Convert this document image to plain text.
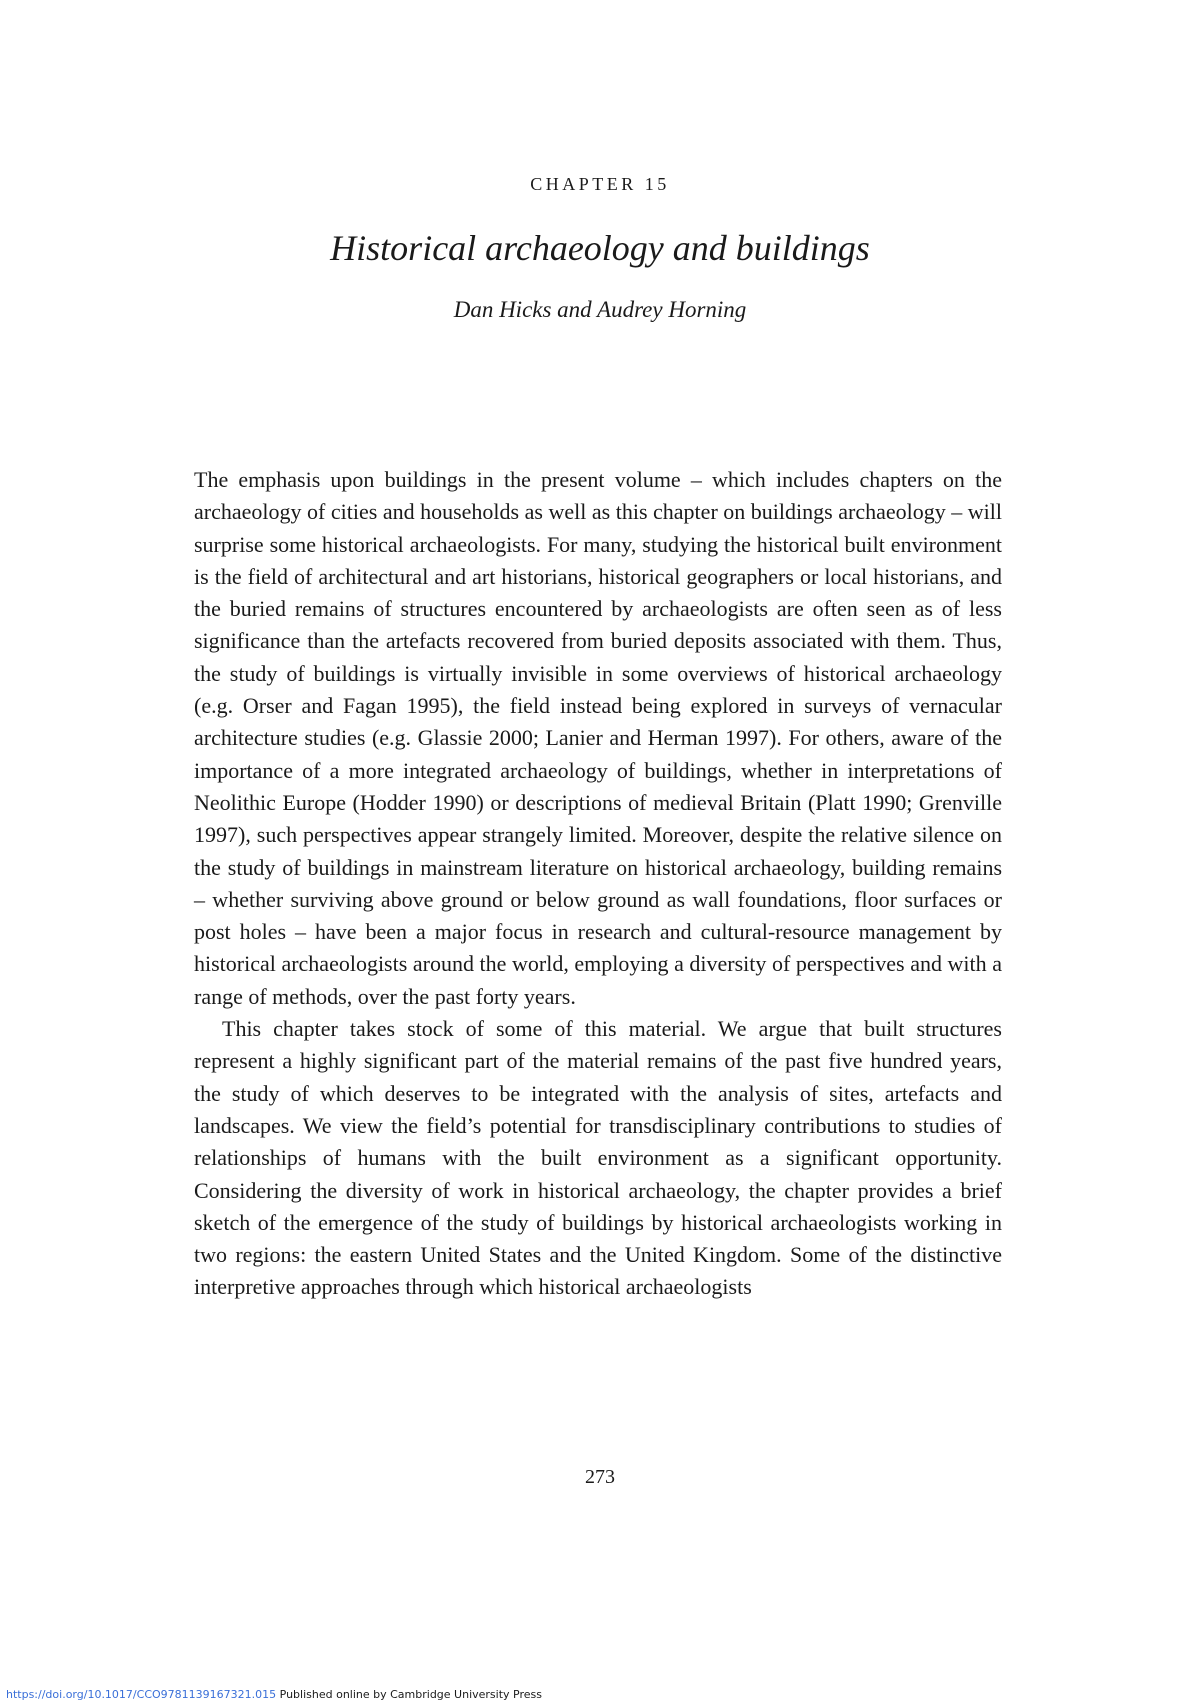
CHAPTER 15
Historical archaeology and buildings
Dan Hicks and Audrey Horning

The emphasis upon buildings in the present volume – which includes chapters on the archaeology of cities and households as well as this chapter on buildings archaeology – will surprise some historical archaeologists. For many, studying the historical built environment is the field of architectural and art historians, historical geographers or local historians, and the buried remains of structures encountered by archaeologists are often seen as of less significance than the artefacts recovered from buried deposits associated with them. Thus, the study of buildings is virtually invisible in some overviews of historical archaeology (e.g. Orser and Fagan 1995), the field instead being explored in surveys of vernacular architecture studies (e.g. Glassie 2000; Lanier and Herman 1997). For others, aware of the importance of a more integrated archaeology of buildings, whether in interpretations of Neolithic Europe (Hodder 1990) or descriptions of medieval Britain (Platt 1990; Grenville 1997), such perspectives appear strangely limited. Moreover, despite the relative silence on the study of buildings in mainstream literature on historical archaeology, building remains – whether surviving above ground or below ground as wall foundations, floor surfaces or post holes – have been a major focus in research and cultural-resource management by historical archaeologists around the world, employing a diversity of perspectives and with a range of methods, over the past forty years.

This chapter takes stock of some of this material. We argue that built structures represent a highly significant part of the material remains of the past five hundred years, the study of which deserves to be integrated with the analysis of sites, artefacts and landscapes. We view the field’s potential for transdisciplinary contributions to studies of relationships of humans with the built environment as a significant opportunity. Considering the diversity of work in historical archaeology, the chapter provides a brief sketch of the emergence of the study of buildings by historical archaeologists working in two regions: the eastern United States and the United Kingdom. Some of the distinctive interpretive approaches through which historical archaeologists

273
https://doi.org/10.1017/CCO9781139167321.015 Published online by Cambridge University Press
